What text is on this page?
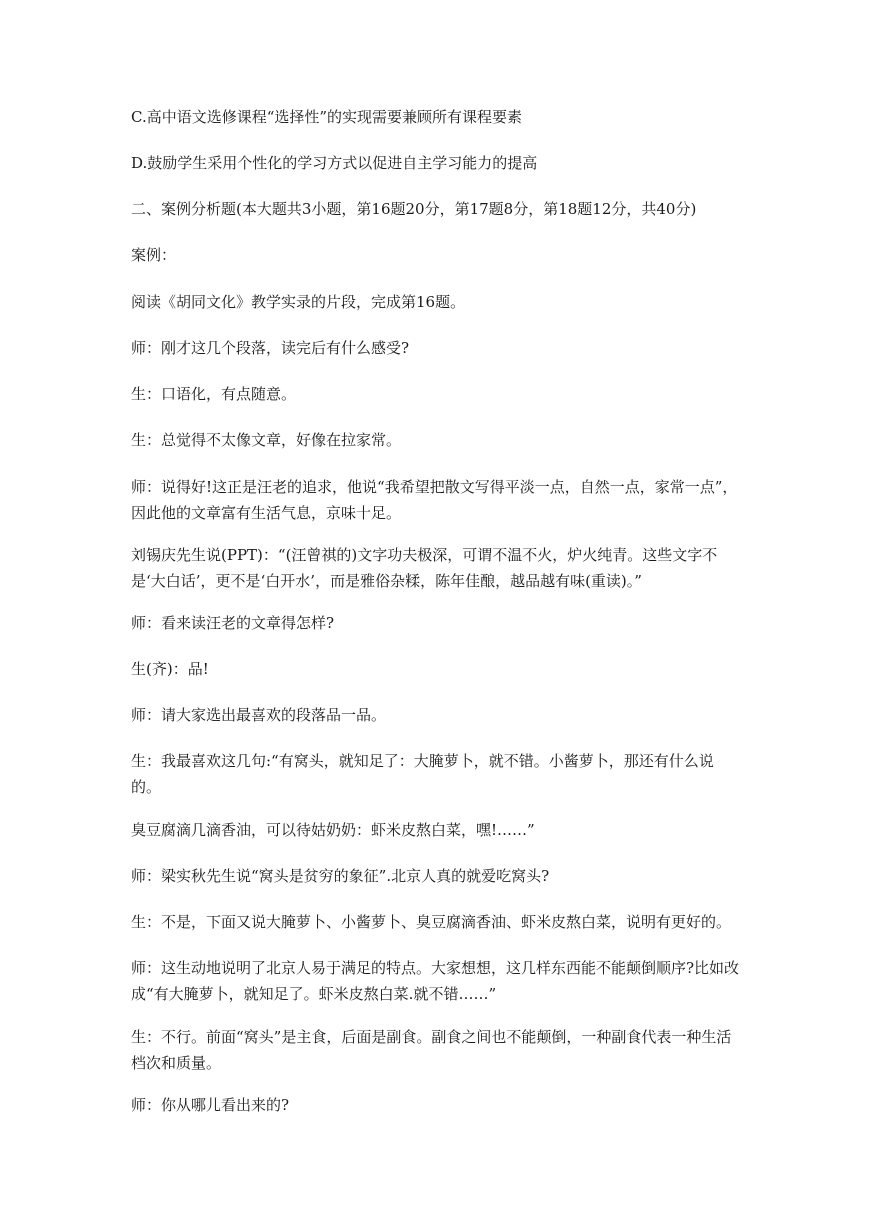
C.高中语文选修课程“选择性”的实现需要兼顾所有课程要素

D.鼓励学生采用个性化的学习方式以促进自主学习能力的提高

二、案例分析题(本大题共3小题，第16题20分，第17题8分，第18题12分，共40分)

案例：

阅读《胡同文化》教学实录的片段，完成第16题。

师：刚才这几个段落，读完后有什么感受?

生：口语化，有点随意。

生：总觉得不太像文章，好像在拉家常。

师：说得好!这正是汪老的追求，他说“我希望把散文写得平淡一点，自然一点，家常一点”，因此他的文章富有生活气息，京味十足。

刘锡庆先生说(PPT)：“(汪曾祺的)文字功夫极深，可谓不温不火，炉火纯青。这些文字不是‘大白话’，更不是‘白开水’，而是雅俗杂糅，陈年佳酿，越品越有味(重读)。”

师：看来读汪老的文章得怎样?

生(齐)：品!

师：请大家选出最喜欢的段落品一品。

生：我最喜欢这几句:“有窝头，就知足了：大腌萝卜，就不错。小酱萝卜，那还有什么说的。

臭豆腐滴几滴香油，可以待姑奶奶：虾米皮熬白菜，嘿!……”

师：梁实秋先生说“窝头是贫穷的象征”.北京人真的就爱吃窝头?

生：不是，下面又说大腌萝卜、小酱萝卜、臭豆腐滴香油、虾米皮熬白菜，说明有更好的。

师：这生动地说明了北京人易于满足的特点。大家想想，这几样东西能不能颠倒顺序?比如改成“有大腌萝卜，就知足了。虾米皮熬白菜.就不错……”

生：不行。前面“窝头”是主食，后面是副食。副食之间也不能颠倒，一种副食代表一种生活档次和质量。

师：你从哪儿看出来的?
